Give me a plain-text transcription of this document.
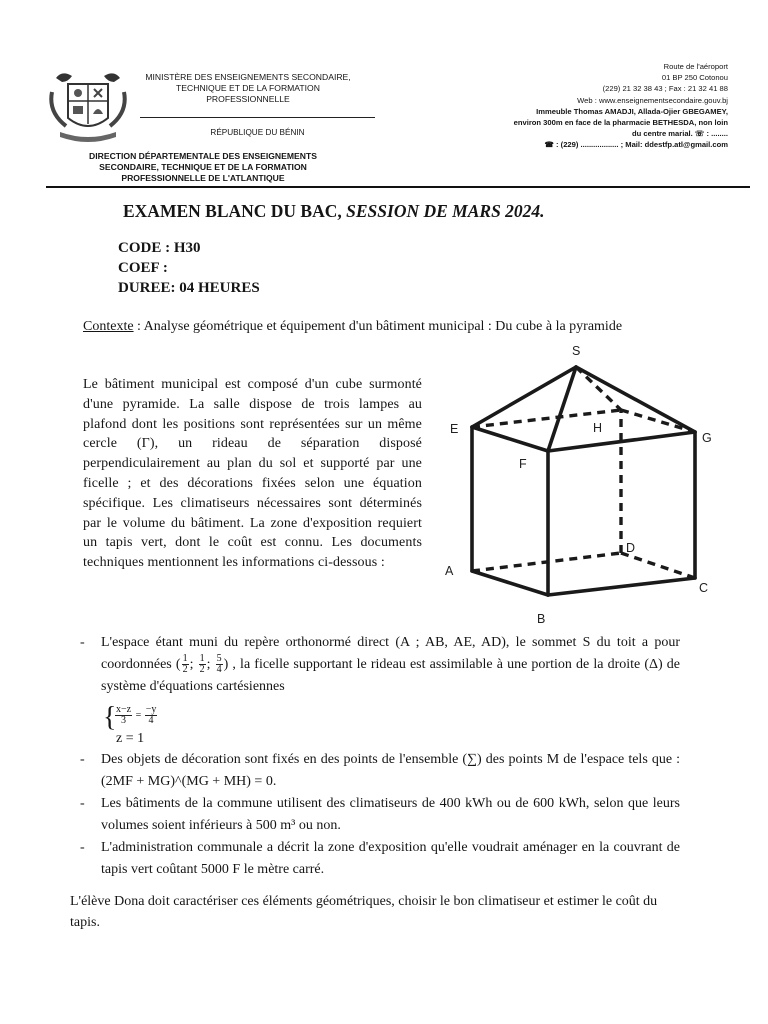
MINISTÈRE DES ENSEIGNEMENTS SECONDAIRE,
TECHNIQUE ET DE LA FORMATION
PROFESSIONNELLE
RÉPUBLIQUE DU BÉNIN
DIRECTION DÉPARTEMENTALE DES ENSEIGNEMENTS
SECONDAIRE, TECHNIQUE ET DE LA FORMATION
PROFESSIONNELLE DE L'ATLANTIQUE
Route de l'aéroport
01 BP 250 Cotonou
(229) 21 32 38 43 ; Fax : 21 32 41 88
Web : www.enseignementsecondaire.gouv.bj
Immeuble Thomas AMADJI, Allada-Ojier GBEGAMEY,
environ 300m en face de la pharmacie BETHESDA, non loin
du centre marial. ☏ : ........
☎ : (229) .................. ; Mail: ddestfp.atl@gmail.com
EXAMEN BLANC DU BAC, SESSION DE MARS 2024.
CODE : H30
COEF :
DUREE: 04 HEURES
Contexte : Analyse géométrique et équipement d'un bâtiment municipal : Du cube à la pyramide
Le bâtiment municipal est composé d'un cube surmonté d'une pyramide. La salle dispose de trois lampes au plafond dont les positions sont représentées sur un même cercle (Γ), un rideau de séparation disposé perpendiculairement au plan du sol et supporté par une ficelle ; et des décorations fixées selon une équation spécifique. Les climatiseurs nécessaires sont déterminés par le volume du bâtiment. La zone d'exposition requiert un tapis vert, dont le coût est connu. Les documents techniques mentionnent les informations ci-dessous :
S
E	H
G
F
D
A
C
B
- L'espace étant muni du repère orthonormé direct (A ; AB, AE, AD), le sommet S du toit a pour coordonnées ( $\frac{1}{2}$ ; $\frac{1}{2}$ ; $\frac{5}{4}$ ) , la ficelle supportant le rideau est assimilable à une portion de la droite (Δ) de système d'équations cartésiennes
{
$\frac{x-z}{3} = \frac{-y}{4}$
z = 1
- Des objets de décoration sont fixés en des points de l'ensemble (∑) des points M de l'espace tels que : (2MF + MG)^(MG + MH) = 0.
- Les bâtiments de la commune utilisent des climatiseurs de 400 kWh ou de 600 kWh, selon que leurs volumes soient inférieurs à 500 m³ ou non.
- L'administration communale a décrit la zone d'exposition qu'elle voudrait aménager en la couvrant de tapis vert coûtant 5000 F le mètre carré.
L'élève Dona doit caractériser ces éléments géométriques, choisir le bon climatiseur et estimer le coût du tapis.
